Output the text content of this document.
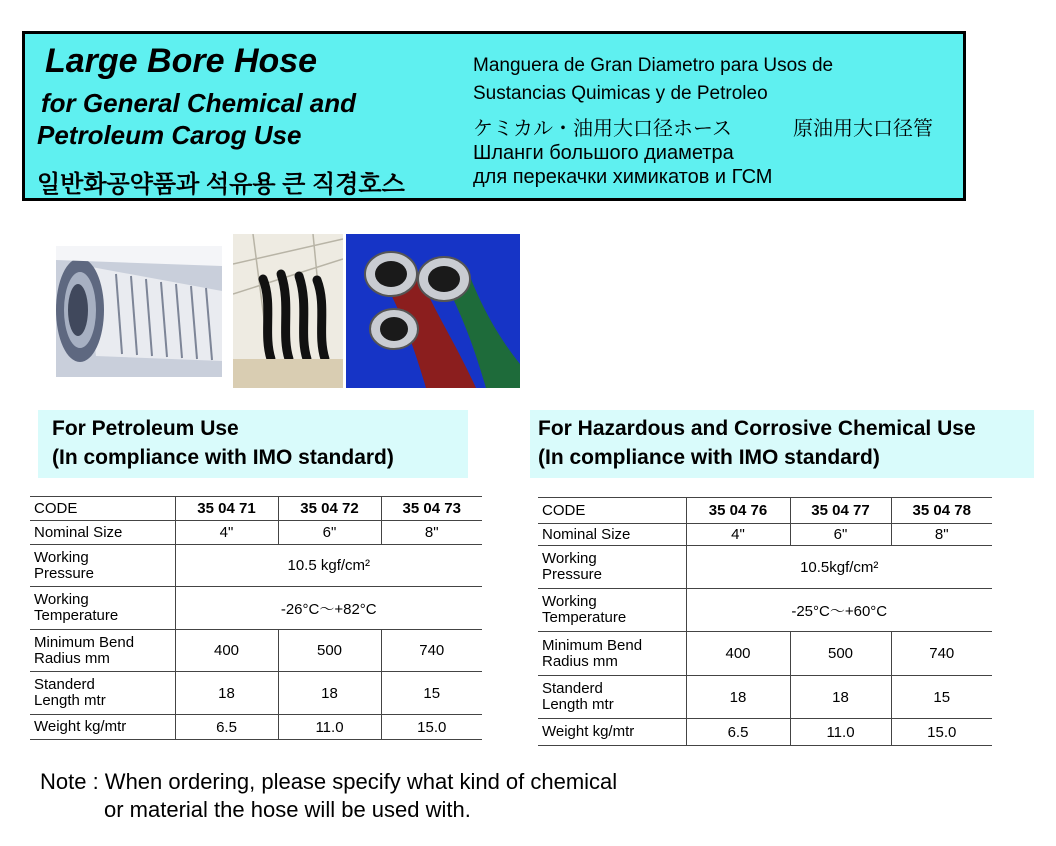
Large Bore Hose
for General Chemical and
Petroleum Carog Use
일반화공약품과 석유용 큰 직경호스
Manguera de Gran Diametro para Usos de
Sustancias Quimicas y de Petroleo
ケミカル・油用大口径ホース	原油用大口径管
Шланги большого диаметра
для перекачки химикатов и ГСМ
For Petroleum Use
(In compliance with IMO standard)
For Hazardous and Corrosive Chemical Use
(In compliance with IMO standard)
CODE	35 04 71	35 04 72	35 04 73
Nominal Size	4"	6"	8"
Working
Pressure	10.5 kgf/cm²		
Working
Temperature	-26°C～+82°C		
Minimum Bend
Radius mm	400	500	740
Standerd
Length mtr	18	18	15
Weight kg/mtr	6.5	11.0	15.0
CODE	35 04 76	35 04 77	35 04 78
Nominal Size	4"	6"	8"
Working
Pressure	10.5kgf/cm²		
Working
Temperature	-25°C～+60°C		
Minimum Bend
Radius mm	400	500	740
Standerd
Length mtr	18	18	15
Weight kg/mtr	6.5	11.0	15.0
Note : When ordering, please specify what kind of chemical
or material the hose will be used with.
